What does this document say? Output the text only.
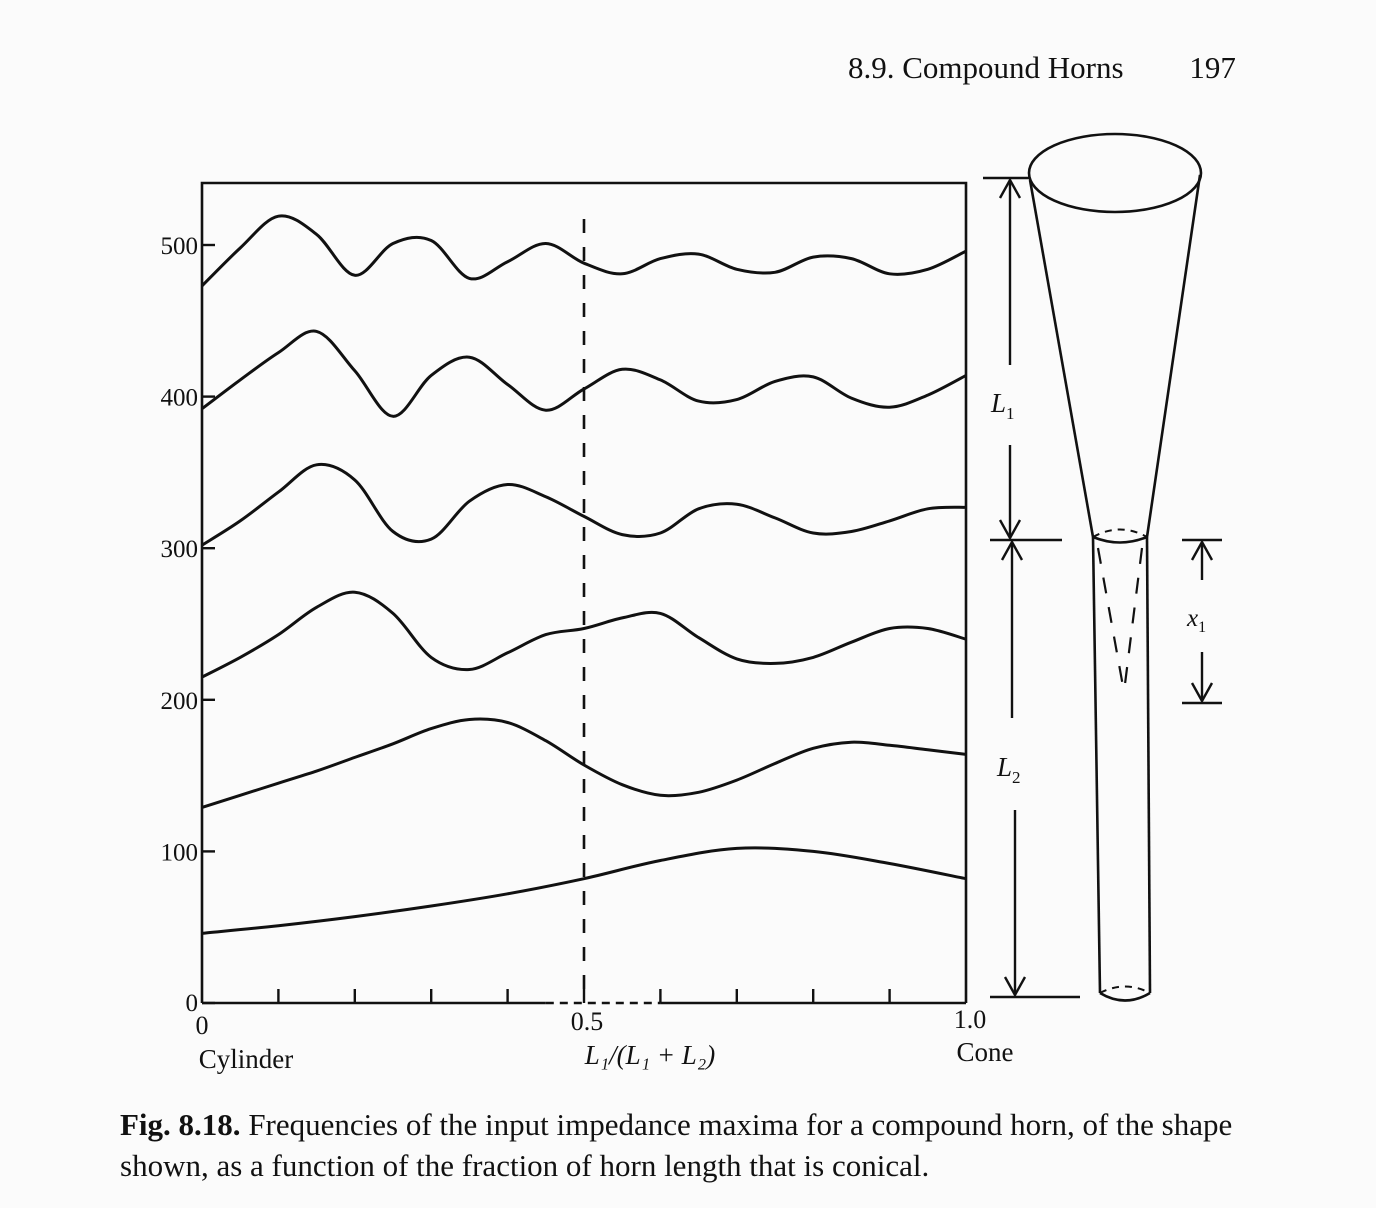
8.9. Compound Horns 197
100
200
300
400
500
0
0	0.5	1.0
Cylinder	L₁/(L₁ + L₂)	Cone
$L_1$
$L_2$
$x_1$
Fig. 8.18. Frequencies of the input impedance maxima for a compound horn, of the shape shown, as a function of the fraction of horn length that is conical.
